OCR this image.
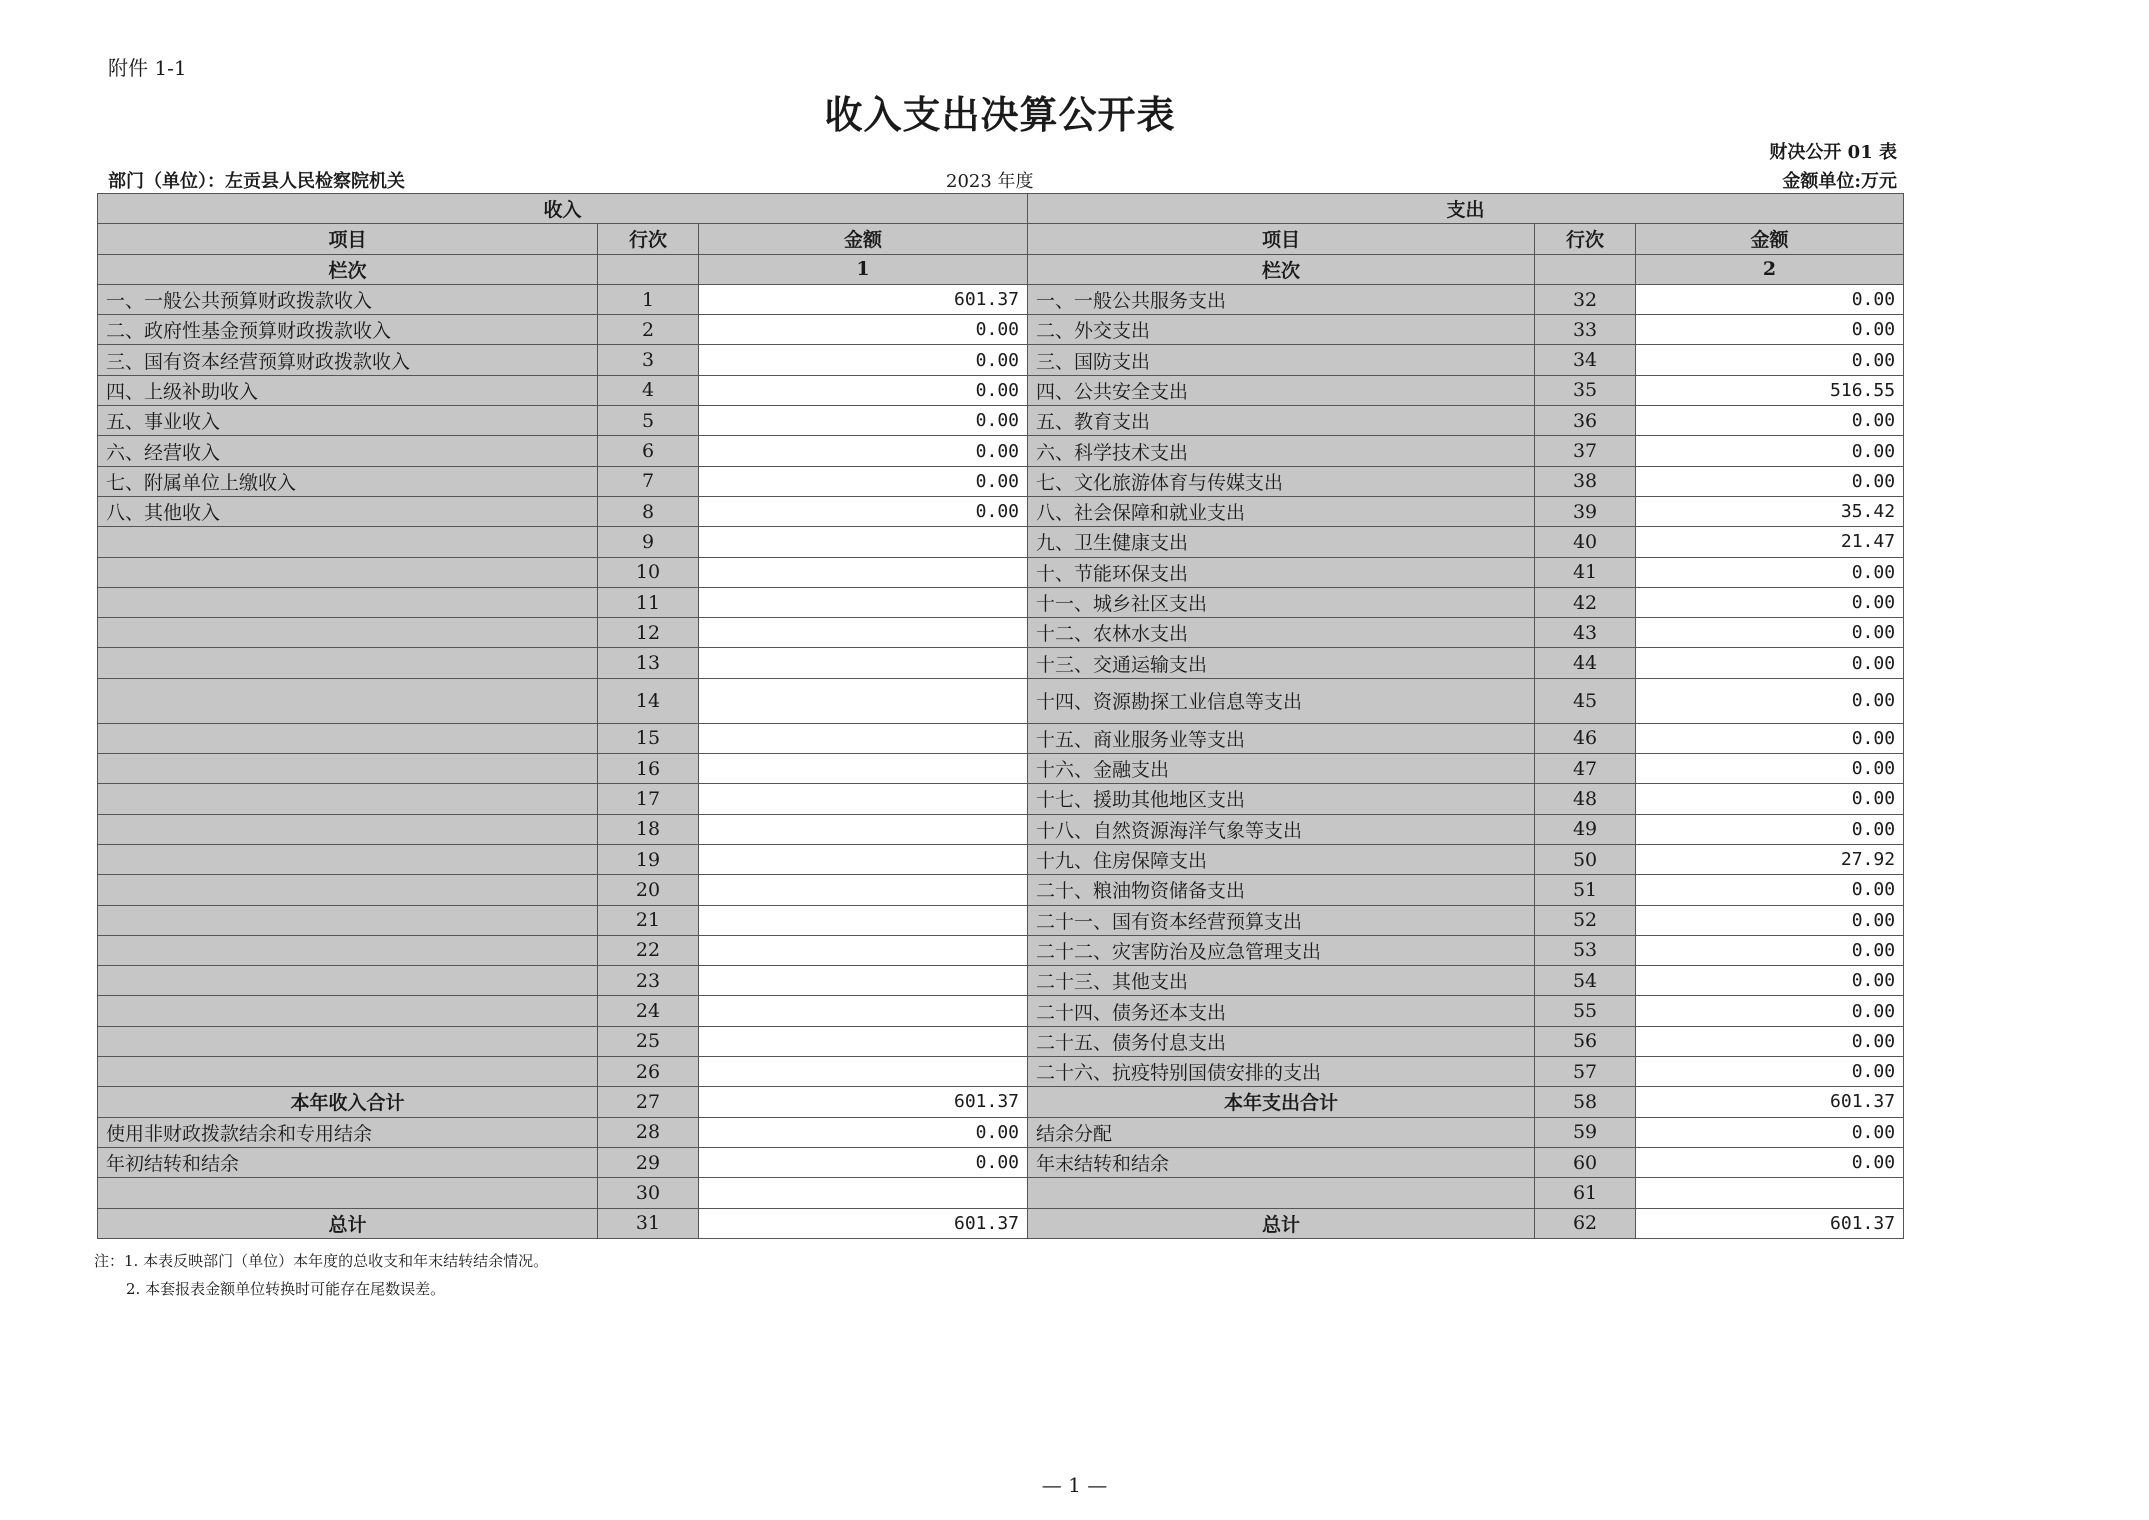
附件 1-1
收入支出决算公开表
财决公开 01 表
部门（单位）：左贡县人民检察院机关	2023 年度	金额单位:万元
收入			支出		
项目	行次	金额	项目	行次	金额
栏次		1	栏次		2
一、一般公共预算财政拨款收入	1	601.37	一、一般公共服务支出	32	0.00
二、政府性基金预算财政拨款收入	2	0.00	二、外交支出	33	0.00
三、国有资本经营预算财政拨款收入	3	0.00	三、国防支出	34	0.00
四、上级补助收入	4	0.00	四、公共安全支出	35	516.55
五、事业收入	5	0.00	五、教育支出	36	0.00
六、经营收入	6	0.00	六、科学技术支出	37	0.00
七、附属单位上缴收入	7	0.00	七、文化旅游体育与传媒支出	38	0.00
八、其他收入	8	0.00	八、社会保障和就业支出	39	35.42
	9		九、卫生健康支出	40	21.47
	10		十、节能环保支出	41	0.00
	11		十一、城乡社区支出	42	0.00
	12		十二、农林水支出	43	0.00
	13		十三、交通运输支出	44	0.00
	14		十四、资源勘探工业信息等支出	45	0.00
	15		十五、商业服务业等支出	46	0.00
	16		十六、金融支出	47	0.00
	17		十七、援助其他地区支出	48	0.00
	18		十八、自然资源海洋气象等支出	49	0.00
	19		十九、住房保障支出	50	27.92
	20		二十、粮油物资储备支出	51	0.00
	21		二十一、国有资本经营预算支出	52	0.00
	22		二十二、灾害防治及应急管理支出	53	0.00
	23		二十三、其他支出	54	0.00
	24		二十四、债务还本支出	55	0.00
	25		二十五、债务付息支出	56	0.00
	26		二十六、抗疫特别国债安排的支出	57	0.00
本年收入合计	27	601.37	本年支出合计	58	601.37
使用非财政拨款结余和专用结余	28	0.00	结余分配	59	0.00
年初结转和结余	29	0.00	年末结转和结余	60	0.00
	30			61	
总计	31	601.37	总计	62	601.37
注：1. 本表反映部门（单位）本年度的总收支和年末结转结余情况。
2. 本套报表金额单位转换时可能存在尾数误差。
— 1 —
